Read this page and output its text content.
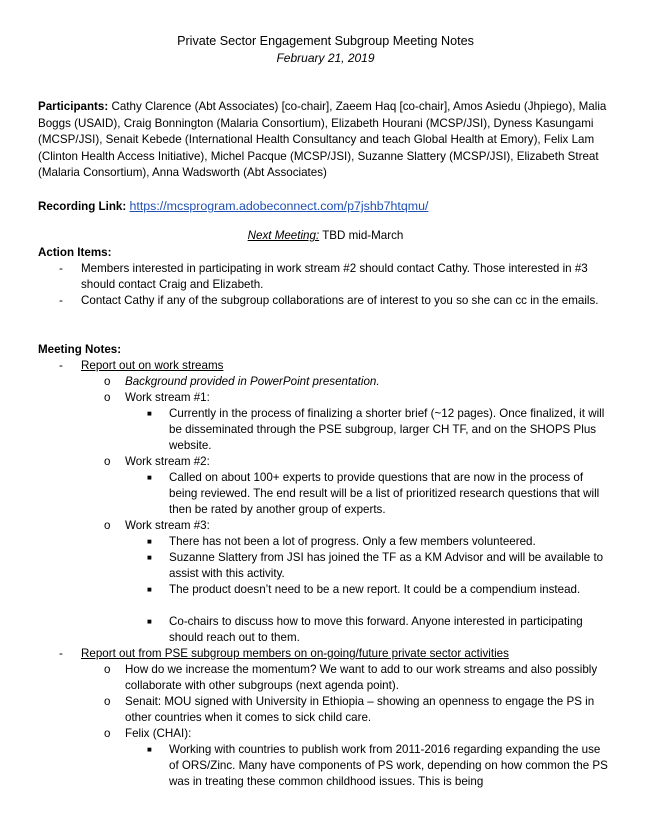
Private Sector Engagement Subgroup Meeting Notes
February 21, 2019
Participants: Cathy Clarence (Abt Associates) [co-chair], Zaeem Haq [co-chair], Amos Asiedu (Jhpiego), Malia Boggs (USAID), Craig Bonnington (Malaria Consortium), Elizabeth Hourani (MCSP/JSI), Dyness Kasungami (MCSP/JSI), Senait Kebede (International Health Consultancy and teach Global Health at Emory), Felix Lam (Clinton Health Access Initiative), Michel Pacque (MCSP/JSI), Suzanne Slattery (MCSP/JSI), Elizabeth Streat (Malaria Consortium), Anna Wadsworth (Abt Associates)
Recording Link: https://mcsprogram.adobeconnect.com/p7jshb7htqmu/
Next Meeting: TBD mid-March
Action Items:
- Members interested in participating in work stream #2 should contact Cathy. Those interested in #3 should contact Craig and Elizabeth.
- Contact Cathy if any of the subgroup collaborations are of interest to you so she can cc in the emails.
Meeting Notes:
- Report out on work streams
o Background provided in PowerPoint presentation.
o Work stream #1:
■ Currently in the process of finalizing a shorter brief (~12 pages). Once finalized, it will be disseminated through the PSE subgroup, larger CH TF, and on the SHOPS Plus website.
o Work stream #2:
■ Called on about 100+ experts to provide questions that are now in the process of being reviewed. The end result will be a list of prioritized research questions that will then be rated by another group of experts.
o Work stream #3:
■ There has not been a lot of progress. Only a few members volunteered.
■ Suzanne Slattery from JSI has joined the TF as a KM Advisor and will be available to assist with this activity.
■ The product doesn’t need to be a new report. It could be a compendium instead.
■ Co-chairs to discuss how to move this forward. Anyone interested in participating should reach out to them.
- Report out from PSE subgroup members on on-going/future private sector activities
o How do we increase the momentum? We want to add to our work streams and also possibly collaborate with other subgroups (next agenda point).
o Senait: MOU signed with University in Ethiopia – showing an openness to engage the PS in other countries when it comes to sick child care.
o Felix (CHAI):
■ Working with countries to publish work from 2011-2016 regarding expanding the use of ORS/Zinc. Many have components of PS work, depending on how common the PS was in treating these common childhood issues. This is being
